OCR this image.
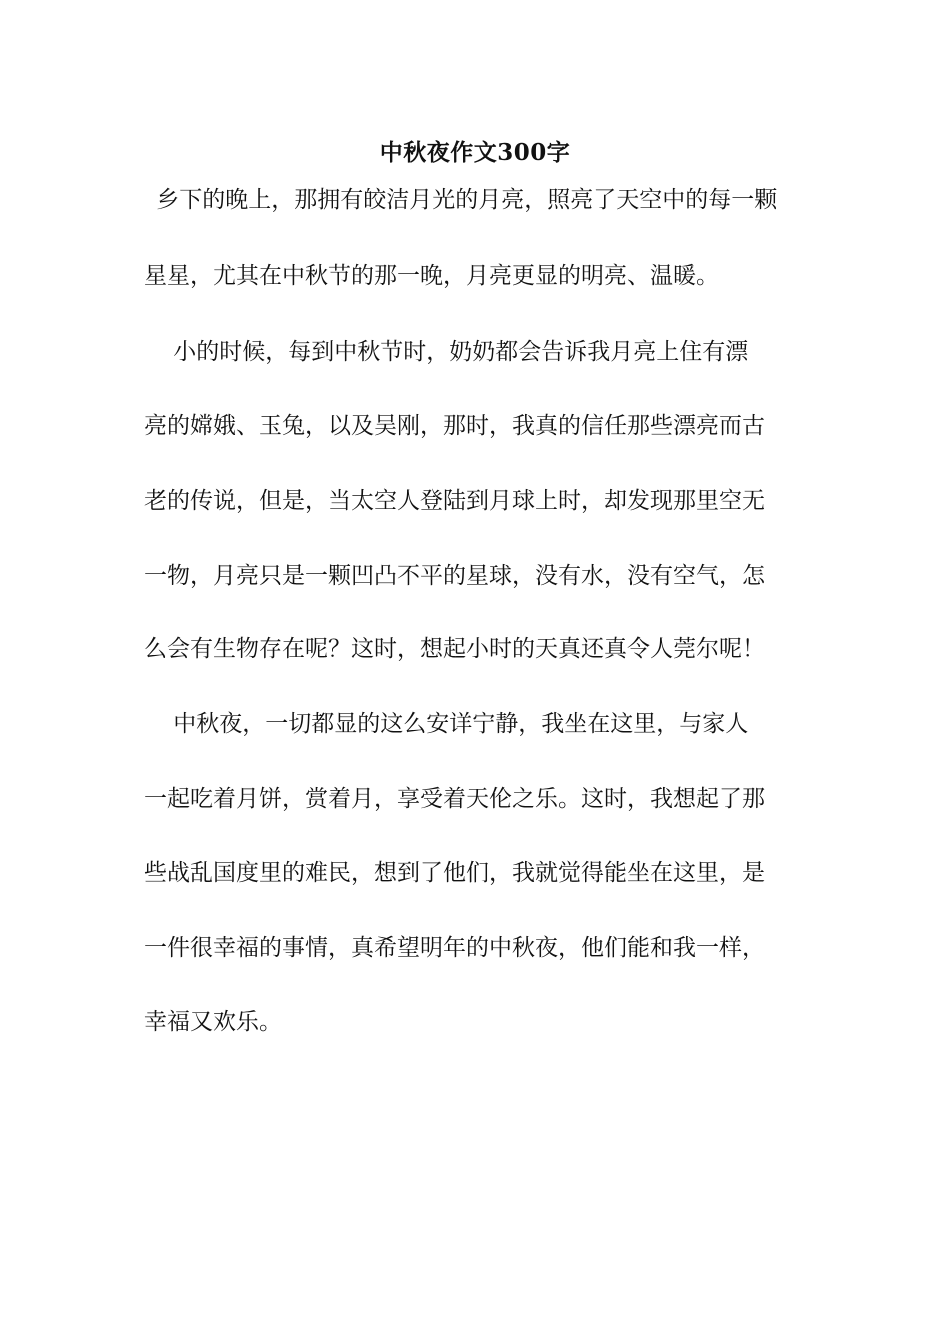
中秋夜作文300字
乡下的晚上，那拥有皎洁月光的月亮，照亮了天空中的每一颗
星星，尤其在中秋节的那一晚，月亮更显的明亮、温暖。
小的时候，每到中秋节时，奶奶都会告诉我月亮上住有漂
亮的嫦娥、玉兔，以及吴刚，那时，我真的信任那些漂亮而古
老的传说，但是，当太空人登陆到月球上时，却发现那里空无
一物，月亮只是一颗凹凸不平的星球，没有水，没有空气，怎
么会有生物存在呢？这时，想起小时的天真还真令人莞尔呢！
中秋夜，一切都显的这么安详宁静，我坐在这里，与家人
一起吃着月饼，赏着月，享受着天伦之乐。这时，我想起了那
些战乱国度里的难民，想到了他们，我就觉得能坐在这里，是
一件很幸福的事情，真希望明年的中秋夜，他们能和我一样，
幸福又欢乐。
